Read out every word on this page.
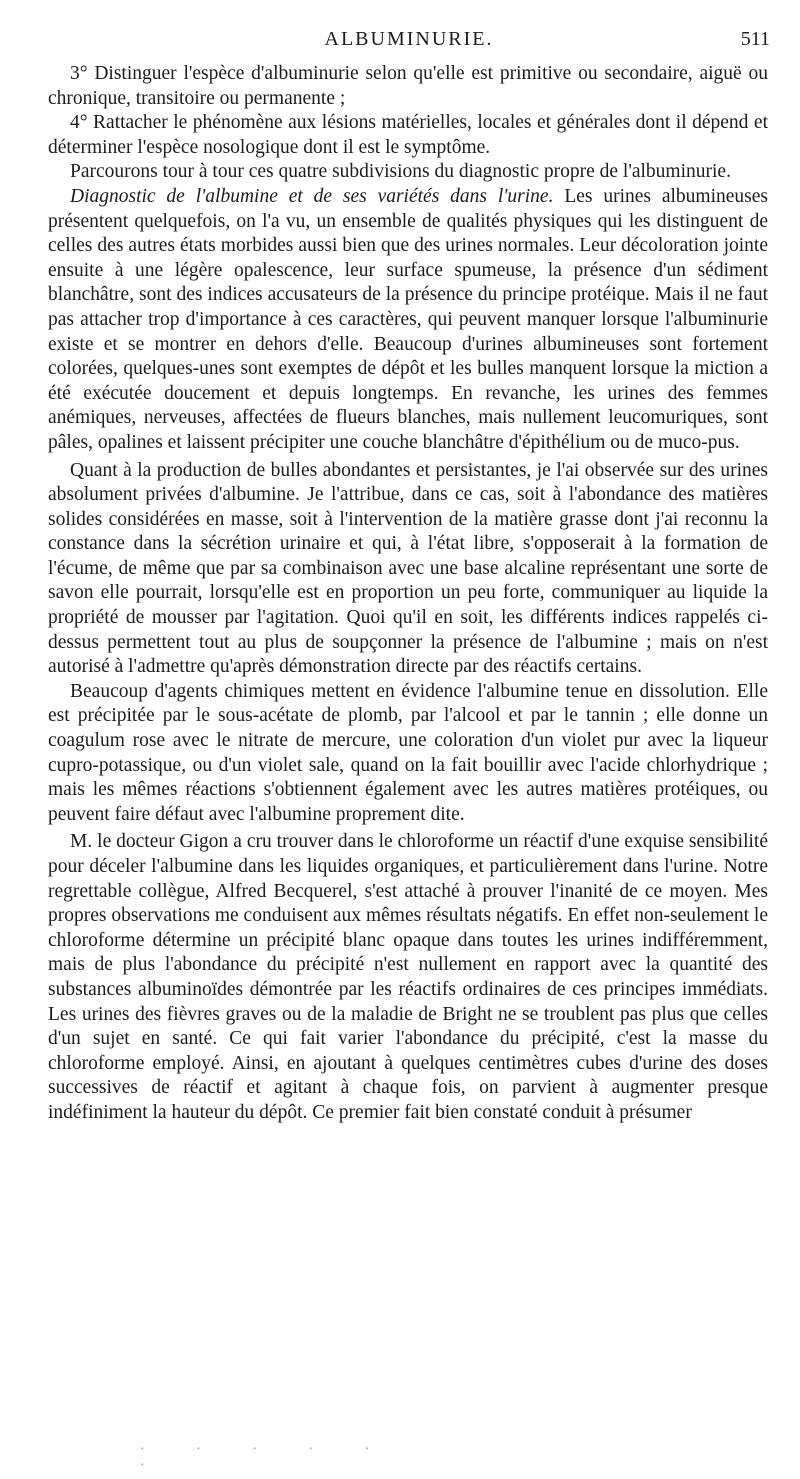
ALBUMINURIE.	511

3° Distinguer l'espèce d'albuminurie selon qu'elle est primitive ou secondaire, aiguë ou chronique, transitoire ou permanente ;

4° Rattacher le phénomène aux lésions matérielles, locales et générales dont il dépend et déterminer l'espèce nosologique dont il est le symptôme.

Parcourons tour à tour ces quatre subdivisions du diagnostic propre de l'albuminurie.

Diagnostic de l'albumine et de ses variétés dans l'urine. Les urines albumineuses présentent quelquefois, on l'a vu, un ensemble de qualités physiques qui les distinguent de celles des autres états morbides aussi bien que des urines normales. Leur décoloration jointe ensuite à une légère opalescence, leur surface spumeuse, la présence d'un sédiment blanchâtre, sont des indices accusateurs de la présence du principe protéique. Mais il ne faut pas attacher trop d'importance à ces caractères, qui peuvent manquer lorsque l'albuminurie existe et se montrer en dehors d'elle. Beaucoup d'urines albumineuses sont fortement colorées, quelques-unes sont exemptes de dépôt et les bulles manquent lorsque la miction a été exécutée doucement et depuis longtemps. En revanche, les urines des femmes anémiques, nerveuses, affectées de flueurs blanches, mais nullement leucomuriques, sont pâles, opalines et laissent précipiter une couche blanchâtre d'épithélium ou de muco-pus.

Quant à la production de bulles abondantes et persistantes, je l'ai observée sur des urines absolument privées d'albumine. Je l'attribue, dans ce cas, soit à l'abondance des matières solides considérées en masse, soit à l'intervention de la matière grasse dont j'ai reconnu la constance dans la sécrétion urinaire et qui, à l'état libre, s'opposerait à la formation de l'écume, de même que par sa combinaison avec une base alcaline représentant une sorte de savon elle pourrait, lorsqu'elle est en proportion un peu forte, communiquer au liquide la propriété de mousser par l'agitation. Quoi qu'il en soit, les différents indices rappelés ci-dessus permettent tout au plus de soupçonner la présence de l'albumine ; mais on n'est autorisé à l'admettre qu'après démonstration directe par des réactifs certains.

Beaucoup d'agents chimiques mettent en évidence l'albumine tenue en dissolution. Elle est précipitée par le sous-acétate de plomb, par l'alcool et par le tannin ; elle donne un coagulum rose avec le nitrate de mercure, une coloration d'un violet pur avec la liqueur cupro-potassique, ou d'un violet sale, quand on la fait bouillir avec l'acide chlorhydrique ; mais les mêmes réactions s'obtiennent également avec les autres matières protéiques, ou peuvent faire défaut avec l'albumine proprement dite.

M. le docteur Gigon a cru trouver dans le chloroforme un réactif d'une exquise sensibilité pour déceler l'albumine dans les liquides organiques, et particulièrement dans l'urine. Notre regrettable collègue, Alfred Becquerel, s'est attaché à prouver l'inanité de ce moyen. Mes propres observations me conduisent aux mêmes résultats négatifs. En effet non-seulement le chloroforme détermine un précipité blanc opaque dans toutes les urines indifféremment, mais de plus l'abondance du précipité n'est nullement en rapport avec la quantité des substances albuminoïdes démontrée par les réactifs ordinaires de ces principes immédiats. Les urines des fièvres graves ou de la maladie de Bright ne se troublent pas plus que celles d'un sujet en santé. Ce qui fait varier l'abondance du précipité, c'est la masse du chloroforme employé. Ainsi, en ajoutant à quelques centimètres cubes d'urine des doses successives de réactif et agitant à chaque fois, on parvient à augmenter presque indéfiniment la hauteur du dépôt. Ce premier fait bien constaté conduit à présumer

· · · · · ·
